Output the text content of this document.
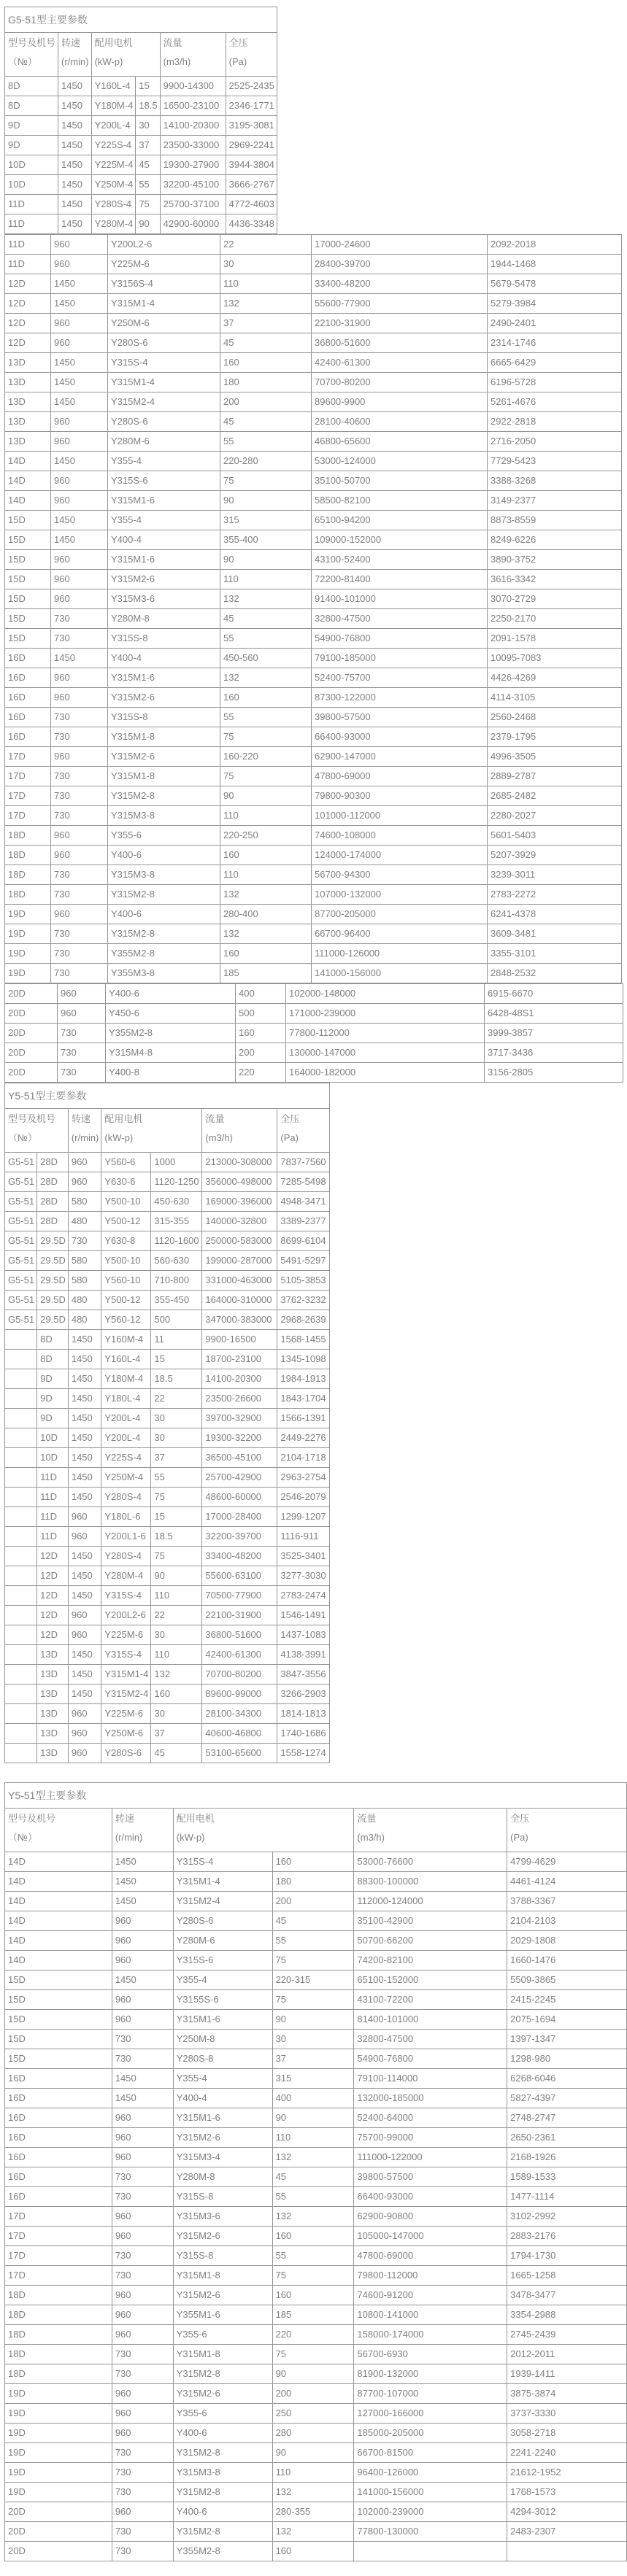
G5-51型主要参数					

型号及机号
（№）

转速
(r/min)

配用电机
(kW-p)

流量
(m3/h)

全压
(Pa)

8D	1450	Y160L-4	15	9900-14300	2525-2435
8D	1450	Y180M-4	18.5	16500-23100	2346-1771
9D	1450	Y200L-4	30	14100-20300	3195-3081
9D	1450	Y225S-4	37	23500-33000	2969-2241
10D	1450	Y225M-4	45	19300-27900	3944-3804
10D	1450	Y250M-4	55	32200-45100	3666-2767
11D	1450	Y280S-4	75	25700-37100	4772-4603
11D	1450	Y280M-4	90	42900-60000	4436-3348
11D	960	Y200L2-6	22	17000-24600	2092-2018
11D	960	Y225M-6	30	28400-39700	1944-1468
12D	1450	Y3156S-4	110	33400-48200	5679-5478
12D	1450	Y315M1-4	132	55600-77900	5279-3984
12D	960	Y250M-6	37	22100-31900	2490-2401
12D	960	Y280S-6	45	36800-51600	2314-1746
13D	1450	Y315S-4	160	42400-61300	6665-6429
13D	1450	Y315M1-4	180	70700-80200	6196-5728
13D	1450	Y315M2-4	200	89600-9900	5261-4676
13D	960	Y280S-6	45	28100-40600	2922-2818
13D	960	Y280M-6	55	46800-65600	2716-2050
14D	1450	Y355-4	220-280	53000-124000	7729-5423
14D	960	Y315S-6	75	35100-50700	3388-3268
14D	960	Y315M1-6	90	58500-82100	3149-2377
15D	1450	Y355-4	315	65100-94200	8873-8559
15D	1450	Y400-4	355-400	109000-152000	8249-6226
15D	960	Y315M1-6	90	43100-52400	3890-3752
15D	960	Y315M2-6	110	72200-81400	3616-3342
15D	960	Y315M3-6	132	91400-101000	3070-2729
15D	730	Y280M-8	45	32800-47500	2250-2170
15D	730	Y315S-8	55	54900-76800	2091-1578
16D	1450	Y400-4	450-560	79100-185000	10095-7083
16D	960	Y315M1-6	132	52400-75700	4426-4269
16D	960	Y315M2-6	160	87300-122000	4114-3105
16D	730	Y315S-8	55	39800-57500	2560-2468
16D	730	Y315M1-8	75	66400-93000	2379-1795
17D	960	Y315M2-6	160-220	62900-147000	4996-3505
17D	730	Y315M1-8	75	47800-69000	2889-2787
17D	730	Y315M2-8	90	79800-90300	2685-2482
17D	730	Y315M3-8	110	101000-112000	2280-2027
18D	960	Y355-6	220-250	74600-108000	5601-5403
18D	960	Y400-6	160	124000-174000	5207-3929
18D	730	Y315M3-8	110	56700-94300	3239-3011
18D	730	Y315M2-8	132	107000-132000	2783-2272
19D	960	Y400-6	280-400	87700-205000	6241-4378
19D	730	Y315M2-8	132	66700-96400	3609-3481
19D	730	Y355M2-8	160	111000-126000	3355-3101
19D	730	Y355M3-8	185	141000-156000	2848-2532
20D	960	Y400-6	400	102000-148000	6915-6670
20D	960	Y450-6	500	171000-239000	6428-48S1
20D	730	Y355M2-8	160	77800-112000	3999-3857
20D	730	Y315M4-8	200	130000-147000	3717-3436
20D	730	Y400-8	220	164000-182000	3156-2805
Y5-51型主要参数						

型号及机号
（№）

转速
(r/min)

配用电机
(kW-p)

流量
(m3/h)

全压
(Pa)

G5-51	28D	960	Y560-6	1000	213000-308000	7837-7560
G5-51	28D	960	Y630-6	1120-1250	356000-498000	7285-5498
G5-51	28D	580	Y500-10	450-630	169000-396000	4948-3471
G5-51	28D	480	Y500-12	315-355	140000-32800	3389-2377
G5-51	29.5D	730	Y630-8	1120-1600	250000-583000	8699-6104
G5-51	29.5D	580	Y500-10	560-630	199000-287000	5491-5297
G5-51	29.5D	580	Y560-10	710-800	331000-463000	5105-3853
G5-51	29.5D	480	Y500-12	355-450	164000-310000	3762-3232
G5-51	29.5D	480	Y560-12	500	347000-383000	2968-2639
	8D	1450	Y160M-4	11	9900-16500	1568-1455
	8D	1450	Y160L-4	15	18700-23100	1345-1098
	9D	1450	Y180M-4	18.5	14100-20300	1984-1913
	9D	1450	Y180L-4	22	23500-26600	1843-1704
	9D	1450	Y200L-4	30	39700-32900	1566-1391
	10D	1450	Y200L-4	30	19300-32200	2449-2276
	10D	1450	Y225S-4	37	36500-45100	2104-1718
	11D	1450	Y250M-4	55	25700-42900	2963-2754
	11D	1450	Y280S-4	75	48600-60000	2546-2079
	11D	960	Y180L-6	15	17000-28400	1299-1207
	11D	960	Y200L1-6	18.5	32200-39700	1116-911
	12D	1450	Y280S-4	75	33400-48200	3525-3401
	12D	1450	Y280M-4	90	55600-63100	3277-3030
	12D	1450	Y315S-4	110	70500-77900	2783-2474
	12D	960	Y200L2-6	22	22100-31900	1546-1491
	12D	960	Y225M-6	30	36800-51600	1437-1083
	13D	1450	Y315S-4	110	42400-61300	4138-3991
	13D	1450	Y315M1-4	132	70700-80200	3847-3556
	13D	1450	Y315M2-4	160	89600-99000	3266-2903
	13D	960	Y225M-6	30	28100-34300	1814-1813
	13D	960	Y250M-6	37	40600-46800	1740-1686
	13D	960	Y280S-6	45	53100-65600	1558-1274
Y5-51型主要参数					

型号及机号
（№）

转速
(r/min)

配用电机
(kW-p)

流量
(m3/h)

全压
(Pa)

14D	1450	Y315S-4	160	53000-76600	4799-4629
14D	1450	Y315M1-4	180	88300-100000	4461-4124
14D	1450	Y315M2-4	200	112000-124000	3788-3367
14D	960	Y280S-6	45	35100-42900	2104-2103
14D	960	Y280M-6	55	50700-66200	2029-1808
14D	960	Y315S-6	75	74200-82100	1660-1476
15D	1450	Y355-4	220-315	65100-152000	5509-3865
15D	960	Y3155S-6	75	43100-72200	2415-2245
15D	960	Y315M1-6	90	81400-101000	2075-1694
15D	730	Y250M-8	30	32800-47500	1397-1347
15D	730	Y280S-8	37	54900-76800	1298-980
16D	1450	Y355-4	315	79100-114000	6268-6046
16D	1450	Y400-4	400	132000-185000	5827-4397
16D	960	Y315M1-6	90	52400-64000	2748-2747
16D	960	Y315M2-6	110	75700-99000	2650-2361
16D	960	Y315M3-4	132	111000-122000	2168-1926
16D	730	Y280M-8	45	39800-57500	1589-1533
16D	730	Y315S-8	55	66400-93000	1477-1114
17D	960	Y315M3-6	132	62900-90800	3102-2992
17D	960	Y315M2-6	160	105000-147000	2883-2176
17D	730	Y315S-8	55	47800-69000	1794-1730
17D	730	Y315M1-8	75	79800-112000	1665-1258
18D	960	Y315M2-6	160	74600-91200	3478-3477
18D	960	Y355M1-6	185	10800-141000	3354-2988
18D	960	Y355-6	220	158000-174000	2745-2439
18D	730	Y315M1-8	75	56700-6930	2012-2011
18D	730	Y315M2-8	90	81900-132000	1939-1411
19D	960	Y315M2-6	200	87700-107000	3875-3874
19D	960	Y355-6	250	127000-166000	3737-3330
19D	960	Y400-6	280	185000-205000	3058-2718
19D	730	Y315M2-8	90	66700-81500	2241-2240
19D	730	Y315M3-8	110	96400-126000	21612-1952
19D	730	Y315M2-8	132	141000-156000	1768-1573
20D	960	Y400-6	280-355	102000-239000	4294-3012
20D	730	Y315M2-8	132	77800-130000	2483-2307
20D	730	Y355M2-8	160		
